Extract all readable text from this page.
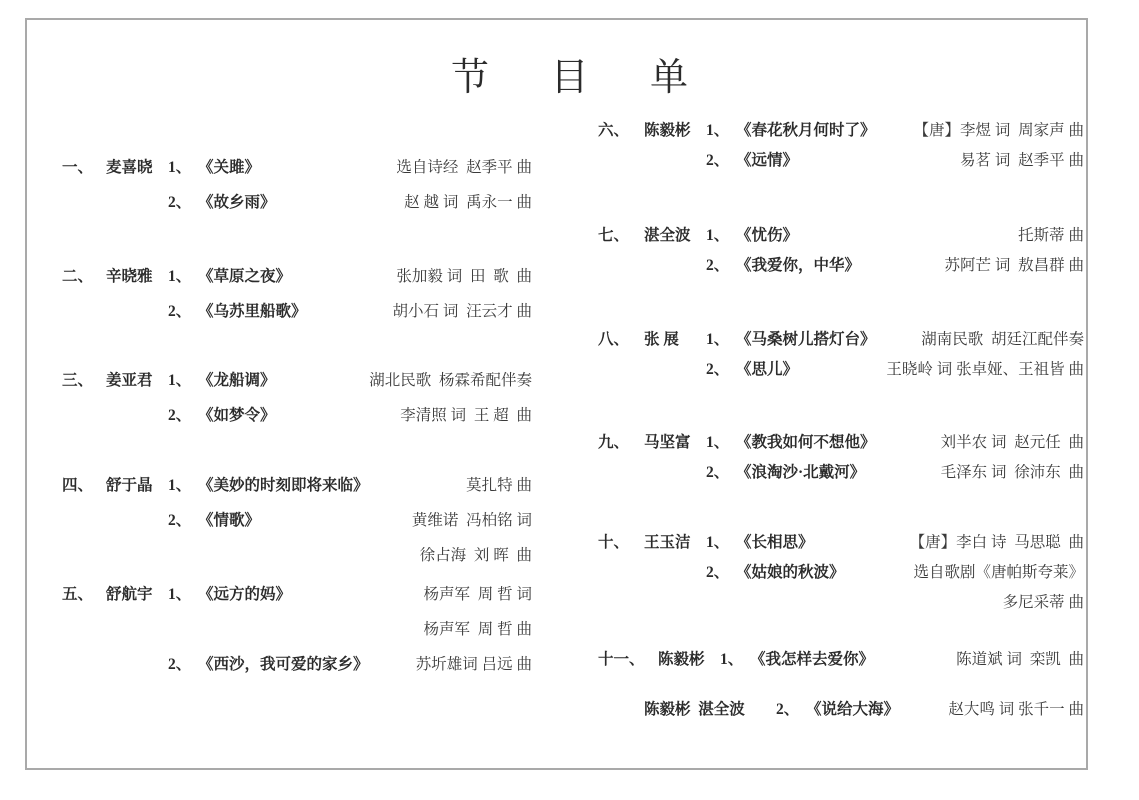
节 目 单
一、 麦喜晓 1、 《关雎》	选自诗经  赵季平 曲
2、 《故乡雨》	赵 越 词  禹永一 曲
二、 辛晓雅 1、 《草原之夜》	张加毅 词  田  歌  曲
2、 《乌苏里船歌》	胡小石 词  汪云才 曲
三、 姜亚君 1、 《龙船调》	湖北民歌  杨霖希配伴奏
2、 《如梦令》	李清照 词  王 超  曲
四、 舒于晶 1、 《美妙的时刻即将来临》	莫扎特 曲
2、 《情歌》	黄维诺  冯柏铭 词
徐占海  刘 晖  曲
五、 舒航宇 1、 《远方的妈》	杨声军  周 哲 词
杨声军  周 哲 曲
2、 《西沙，我可爱的家乡》	苏圻雄词 吕远 曲
六、 陈毅彬 1、 《春花秋月何时了》	【唐】李煜 词  周家声 曲
2、 《远情》	易茗 词  赵季平 曲
七、 湛全波 1、 《忧伤》	托斯蒂 曲
2、 《我爱你，中华》	苏阿芒 词  敖昌群 曲
八、 张 展	1、 《马桑树儿搭灯台》	湖南民歌  胡廷江配伴奏
2、 《思儿》	王晓岭 词 张卓娅、王祖皆 曲
九、 马坚富 1、 《教我如何不想他》	刘半农 词  赵元任  曲
2、 《浪淘沙·北戴河》	毛泽东 词  徐沛东  曲
十、 王玉洁 1、 《长相思》	【唐】李白 诗  马思聪  曲
2、 《姑娘的秋波》	选自歌剧《唐帕斯夸莱》
多尼采蒂 曲
十一、 陈毅彬 1、 《我怎样去爱你》	陈道斌 词  栾凯  曲
陈毅彬  湛全波	2、 《说给大海》	赵大鸣 词 张千一 曲
